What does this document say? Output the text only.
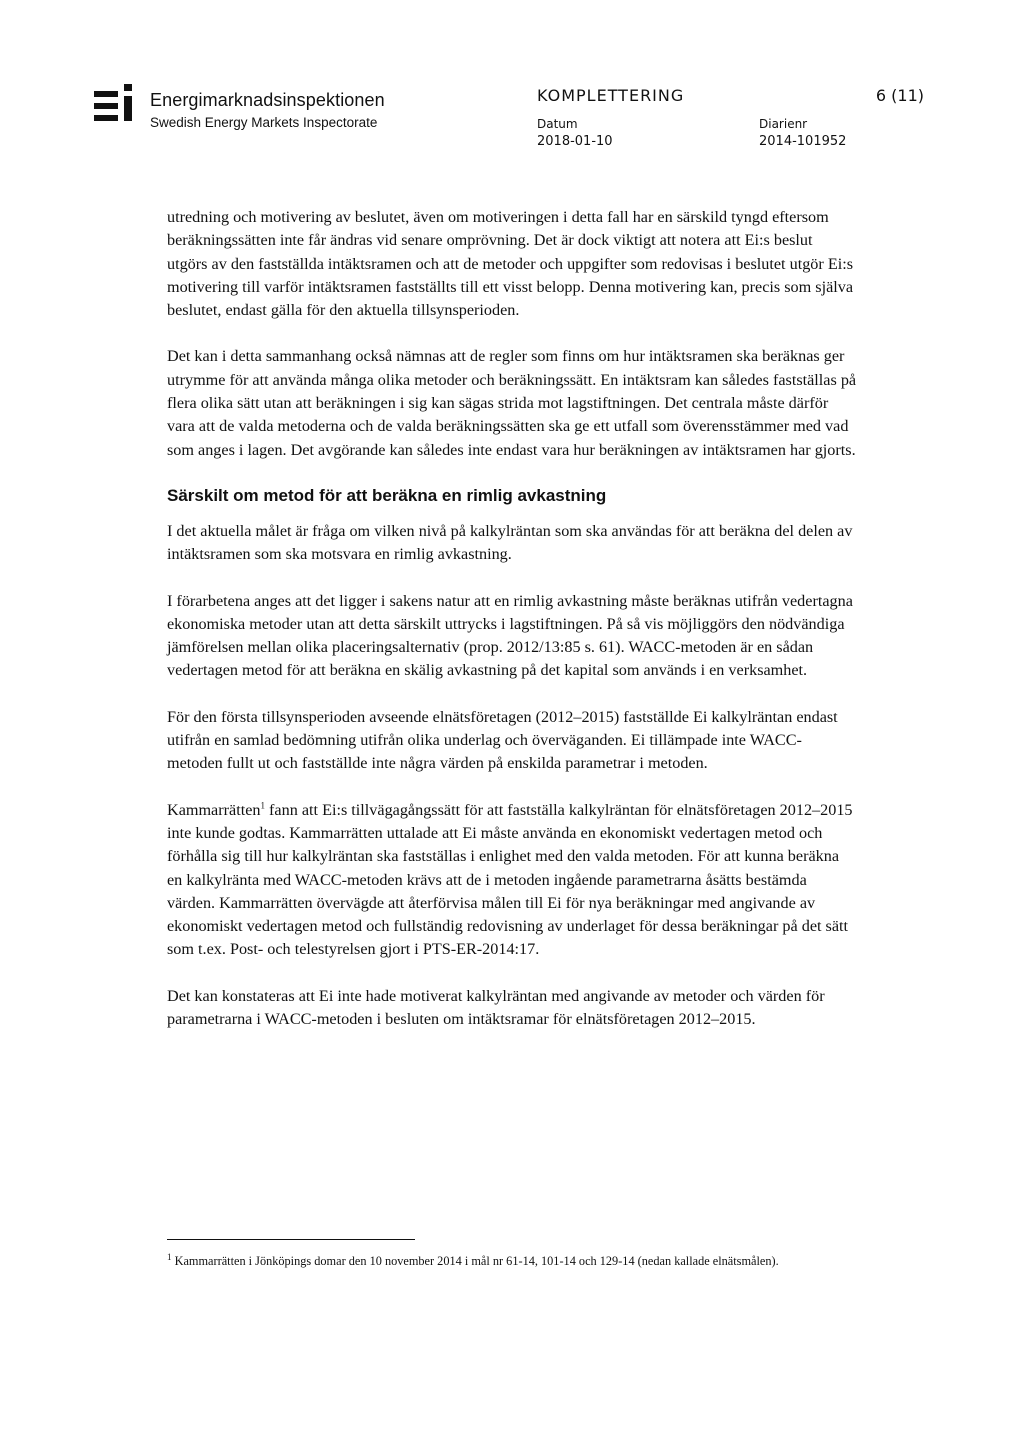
Energimarknadsinspektionen
Swedish Energy Markets Inspectorate
KOMPLETTERING	6 (11)
Datum
2018-01-10
Diarienr
2014-101952

utredning och motivering av beslutet, även om motiveringen i detta fall har en särskild tyngd eftersom beräkningssätten inte får ändras vid senare omprövning. Det är dock viktigt att notera att Ei:s beslut utgörs av den fastställda intäktsramen och att de metoder och uppgifter som redovisas i beslutet utgör Ei:s motivering till varför intäktsramen fastställts till ett visst belopp. Denna motivering kan, precis som själva beslutet, endast gälla för den aktuella tillsynsperioden.

Det kan i detta sammanhang också nämnas att de regler som finns om hur intäktsramen ska beräknas ger utrymme för att använda många olika metoder och beräkningssätt. En intäktsram kan således fastställas på flera olika sätt utan att beräkningen i sig kan sägas strida mot lagstiftningen. Det centrala måste därför vara att de valda metoderna och de valda beräkningssätten ska ge ett utfall som överensstämmer med vad som anges i lagen. Det avgörande kan således inte endast vara hur beräkningen av intäktsramen har gjorts.

Särskilt om metod för att beräkna en rimlig avkastning

I det aktuella målet är fråga om vilken nivå på kalkylräntan som ska användas för att beräkna del delen av intäktsramen som ska motsvara en rimlig avkastning.

I förarbetena anges att det ligger i sakens natur att en rimlig avkastning måste beräknas utifrån vedertagna ekonomiska metoder utan att detta särskilt uttrycks i lagstiftningen. På så vis möjliggörs den nödvändiga jämförelsen mellan olika placeringsalternativ (prop. 2012/13:85 s. 61). WACC-metoden är en sådan vedertagen metod för att beräkna en skälig avkastning på det kapital som används i en verksamhet.

För den första tillsynsperioden avseende elnätsföretagen (2012–2015) fastställde Ei kalkylräntan endast utifrån en samlad bedömning utifrån olika underlag och överväganden. Ei tillämpade inte WACC-metoden fullt ut och fastställde inte några värden på enskilda parametrar i metoden.

Kammarrätten$^1$ fann att Ei:s tillvägagångssätt för att fastställa kalkylräntan för elnätsföretagen 2012–2015 inte kunde godtas. Kammarrätten uttalade att Ei måste använda en ekonomiskt vedertagen metod och förhålla sig till hur kalkylräntan ska fastställas i enlighet med den valda metoden. För att kunna beräkna en kalkylränta med WACC-metoden krävs att de i metoden ingående parametrarna åsätts bestämda värden. Kammarrätten övervägde att återförvisa målen till Ei för nya beräkningar med angivande av ekonomiskt vedertagen metod och fullständig redovisning av underlaget för dessa beräkningar på det sätt som t.ex. Post- och telestyrelsen gjort i PTS-ER-2014:17.

Det kan konstateras att Ei inte hade motiverat kalkylräntan med angivande av metoder och värden för parametrarna i WACC-metoden i besluten om intäktsramar för elnätsföretagen 2012–2015.

$^1$ Kammarrätten i Jönköpings domar den 10 november 2014 i mål nr 61-14, 101-14 och 129-14 (nedan kallade elnätsmålen).
